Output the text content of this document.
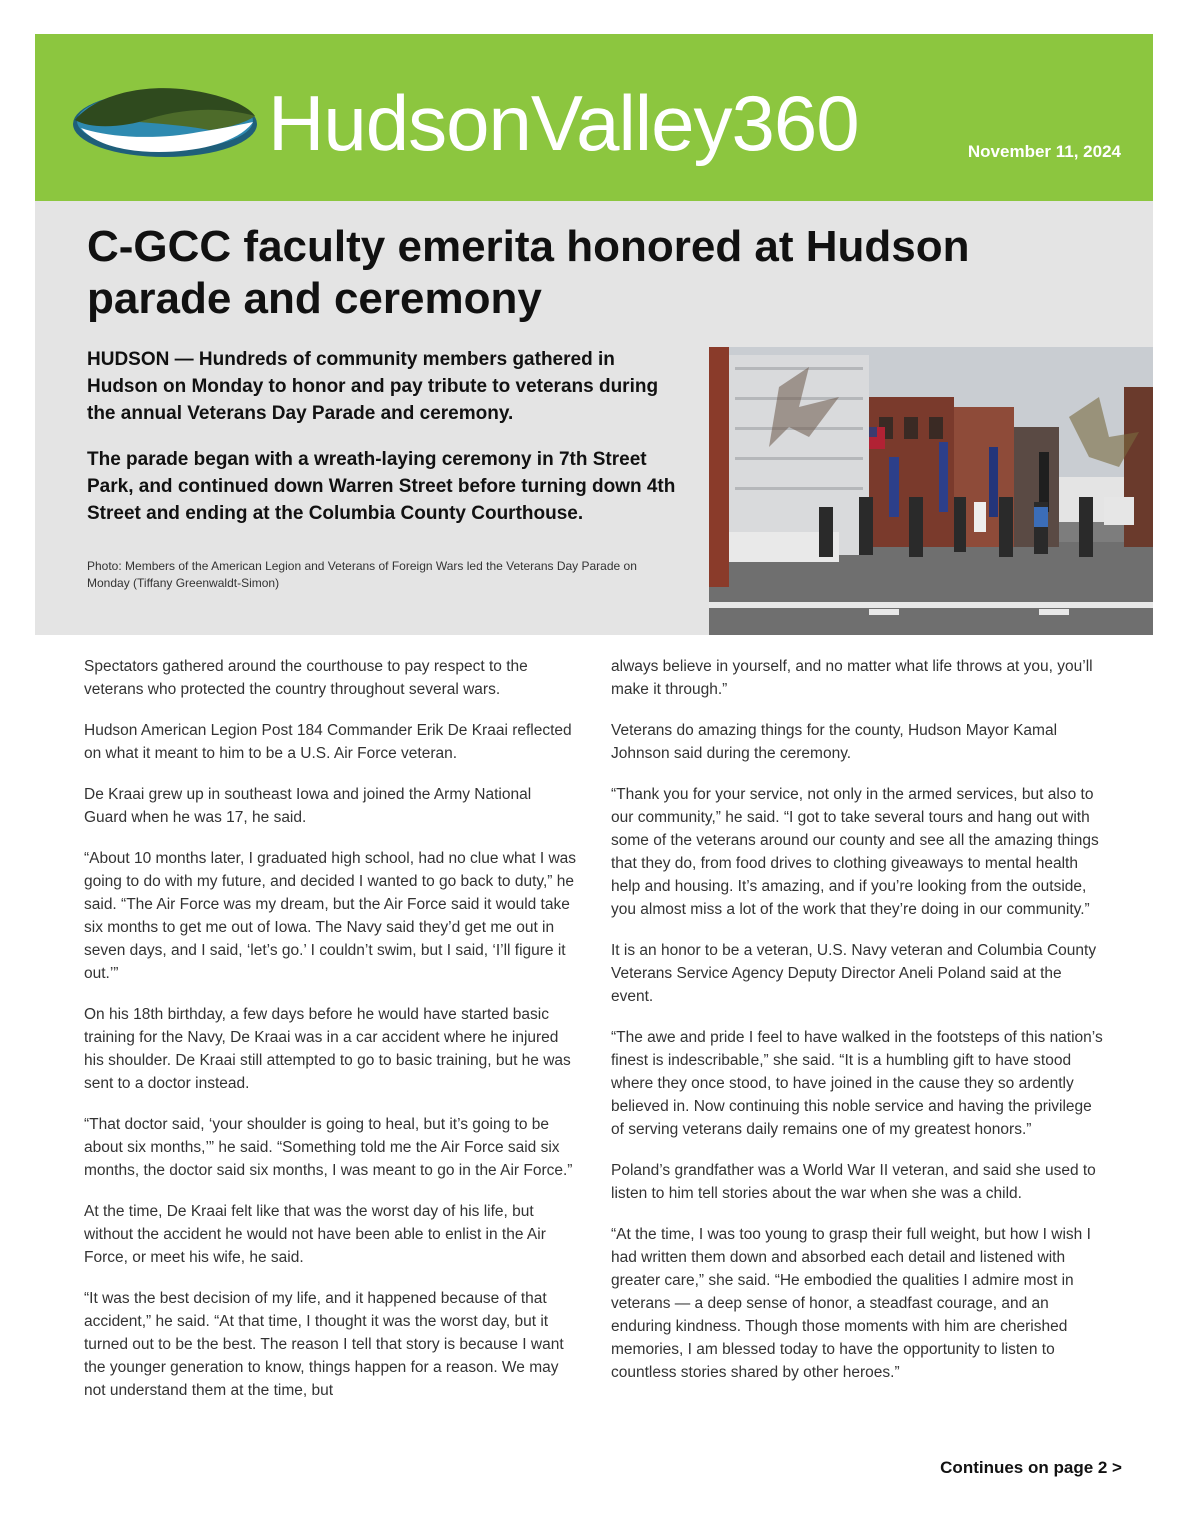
HudsonValley360	November 11, 2024
C-GCC faculty emerita honored at Hudson parade and ceremony

HUDSON — Hundreds of community members gathered in Hudson on Monday to honor and pay tribute to veterans during the annual Veterans Day Parade and ceremony.

The parade began with a wreath-laying ceremony in 7th Street Park, and continued down Warren Street before turning down 4th Street and ending at the Columbia County Courthouse.

Photo: Members of the American Legion and Veterans of Foreign Wars led the Veterans Day Parade on Monday (Tiffany Greenwaldt-Simon)

Spectators gathered around the courthouse to pay respect to the veterans who protected the country throughout several wars.

Hudson American Legion Post 184 Commander Erik De Kraai reflected on what it meant to him to be a U.S. Air Force veteran.

De Kraai grew up in southeast Iowa and joined the Army National Guard when he was 17, he said.

“About 10 months later, I graduated high school, had no clue what I was going to do with my future, and decided I wanted to go back to duty,” he said. “The Air Force was my dream, but the Air Force said it would take six months to get me out of Iowa. The Navy said they’d get me out in seven days, and I said, ‘let’s go.’ I couldn’t swim, but I said, ‘I’ll figure it out.’”

On his 18th birthday, a few days before he would have started basic training for the Navy, De Kraai was in a car accident where he injured his shoulder. De Kraai still attempted to go to basic training, but he was sent to a doctor instead.

“That doctor said, ‘your shoulder is going to heal, but it’s going to be about six months,’” he said. “Something told me the Air Force said six months, the doctor said six months, I was meant to go in the Air Force.”

At the time, De Kraai felt like that was the worst day of his life, but without the accident he would not have been able to enlist in the Air Force, or meet his wife, he said.

“It was the best decision of my life, and it happened because of that accident,” he said. “At that time, I thought it was the worst day, but it turned out to be the best. The reason I tell that story is because I want the younger generation to know, things happen for a reason. We may not understand them at the time, but

always believe in yourself, and no matter what life throws at you, you’ll make it through.”

Veterans do amazing things for the county, Hudson Mayor Kamal Johnson said during the ceremony.

“Thank you for your service, not only in the armed services, but also to our community,” he said. “I got to take several tours and hang out with some of the veterans around our county and see all the amazing things that they do, from food drives to clothing giveaways to mental health help and housing. It’s amazing, and if you’re looking from the outside, you almost miss a lot of the work that they’re doing in our community.”

It is an honor to be a veteran, U.S. Navy veteran and Columbia County Veterans Service Agency Deputy Director Aneli Poland said at the event.

“The awe and pride I feel to have walked in the footsteps of this nation’s finest is indescribable,” she said. “It is a humbling gift to have stood where they once stood, to have joined in the cause they so ardently believed in. Now continuing this noble service and having the privilege of serving veterans daily remains one of my greatest honors.”

Poland’s grandfather was a World War II veteran, and said she used to listen to him tell stories about the war when she was a child.

“At the time, I was too young to grasp their full weight, but how I wish I had written them down and absorbed each detail and listened with greater care,” she said. “He embodied the qualities I admire most in veterans — a deep sense of honor, a steadfast courage, and an enduring kindness. Though those moments with him are cherished memories, I am blessed today to have the opportunity to listen to countless stories shared by other heroes.”

Continues on page 2 >
